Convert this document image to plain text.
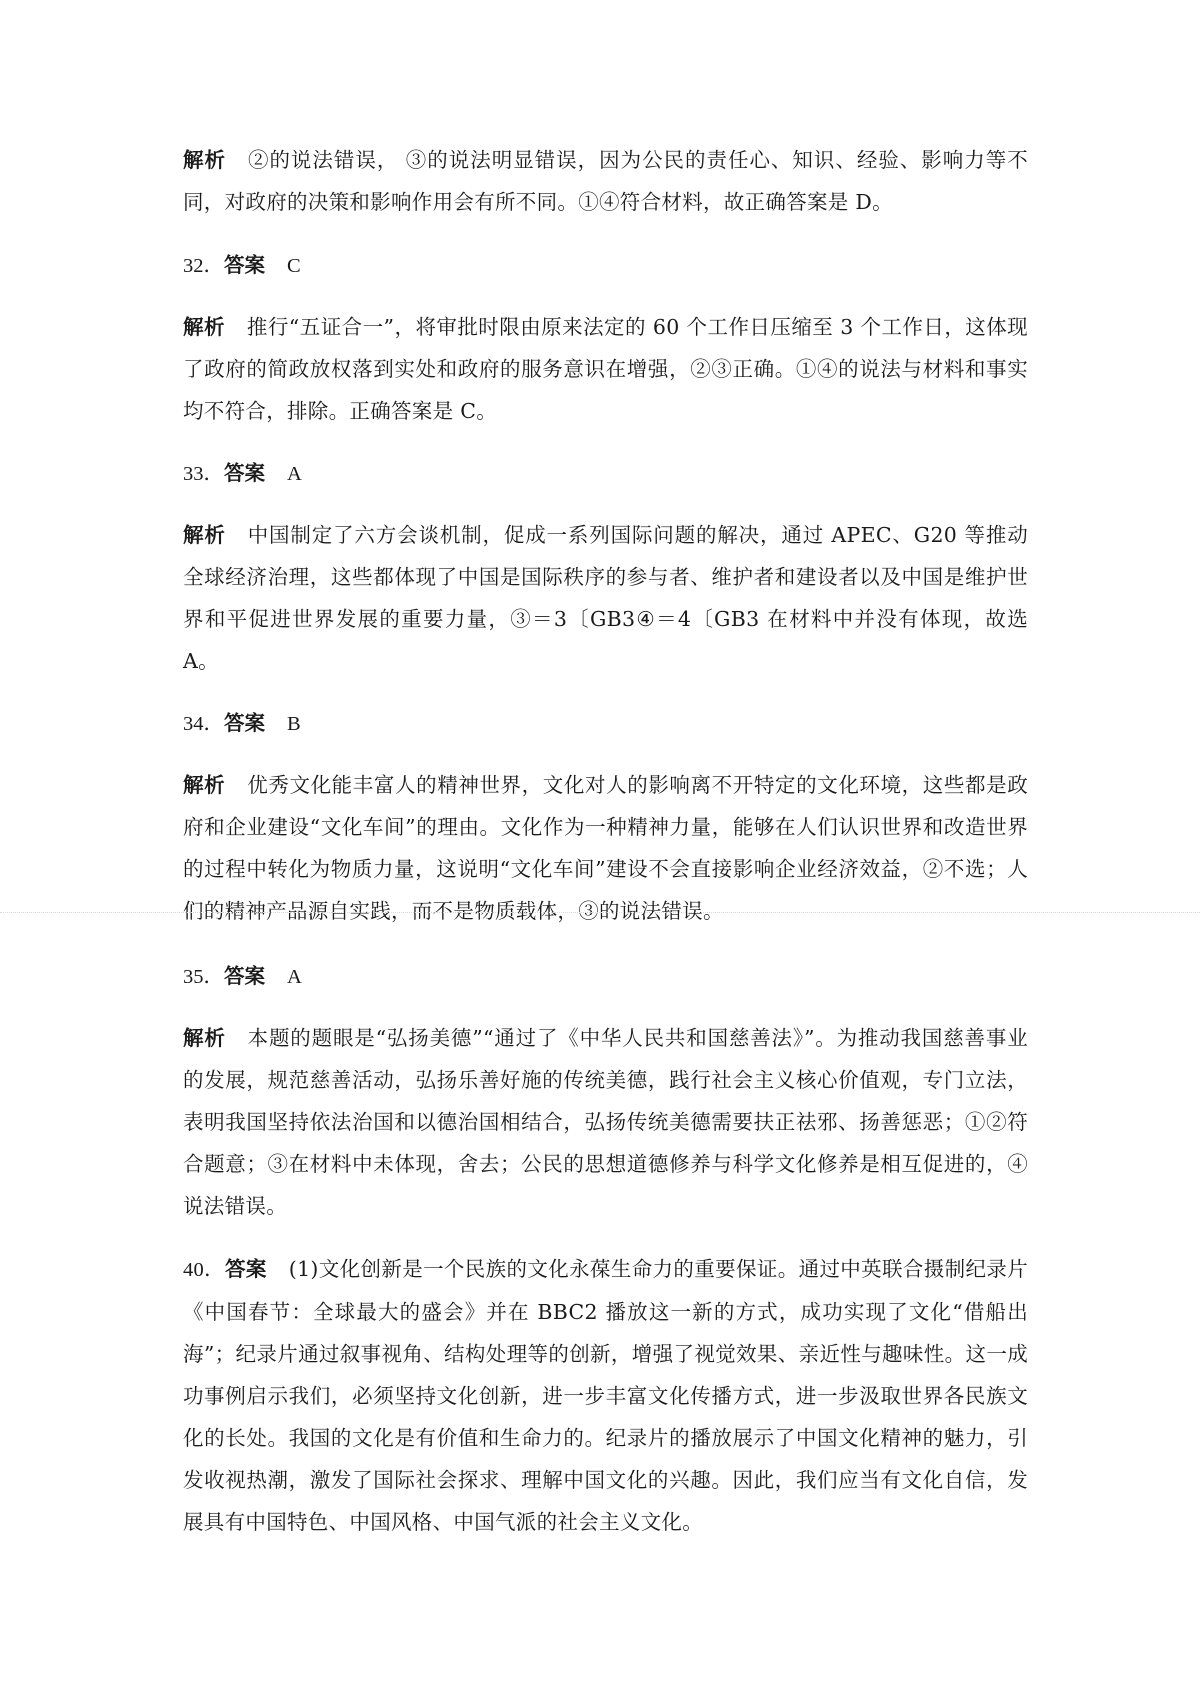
解析 ②的说法错误， ③的说法明显错误，因为公民的责任心、知识、经验、影响力等不同，对政府的决策和影响作用会有所不同。①④符合材料，故正确答案是 D。
32．答案 C
解析 推行“五证合一”，将审批时限由原来法定的 60 个工作日压缩至 3 个工作日，这体现了政府的简政放权落到实处和政府的服务意识在增强，②③正确。①④的说法与材料和事实均不符合，排除。正确答案是 C。
33．答案 A
解析 中国制定了六方会谈机制，促成一系列国际问题的解决，通过 APEC、G20 等推动全球经济治理，这些都体现了中国是国际秩序的参与者、维护者和建设者以及中国是维护世界和平促进世界发展的重要力量，③＝3〔GB3④＝4〔GB3 在材料中并没有体现，故选 A。
34．答案 B
解析 优秀文化能丰富人的精神世界，文化对人的影响离不开特定的文化环境，这些都是政府和企业建设“文化车间”的理由。文化作为一种精神力量，能够在人们认识世界和改造世界的过程中转化为物质力量，这说明“文化车间”建设不会直接影响企业经济效益，②不选；人们的精神产品源自实践，而不是物质载体，③的说法错误。
35．答案 A
解析 本题的题眼是“弘扬美德”“通过了《中华人民共和国慈善法》”。为推动我国慈善事业的发展，规范慈善活动，弘扬乐善好施的传统美德，践行社会主义核心价值观，专门立法，表明我国坚持依法治国和以德治国相结合，弘扬传统美德需要扶正祛邪、扬善惩恶；①②符合题意；③在材料中未体现，舍去；公民的思想道德修养与科学文化修养是相互促进的，④说法错误。
40．答案 (1)文化创新是一个民族的文化永葆生命力的重要保证。通过中英联合摄制纪录片《中国春节：全球最大的盛会》并在 BBC2 播放这一新的方式，成功实现了文化“借船出海”；纪录片通过叙事视角、结构处理等的创新，增强了视觉效果、亲近性与趣味性。这一成功事例启示我们，必须坚持文化创新，进一步丰富文化传播方式，进一步汲取世界各民族文化的长处。我国的文化是有价值和生命力的。纪录片的播放展示了中国文化精神的魅力，引发收视热潮，激发了国际社会探求、理解中国文化的兴趣。因此，我们应当有文化自信，发展具有中国特色、中国风格、中国气派的社会主义文化。
